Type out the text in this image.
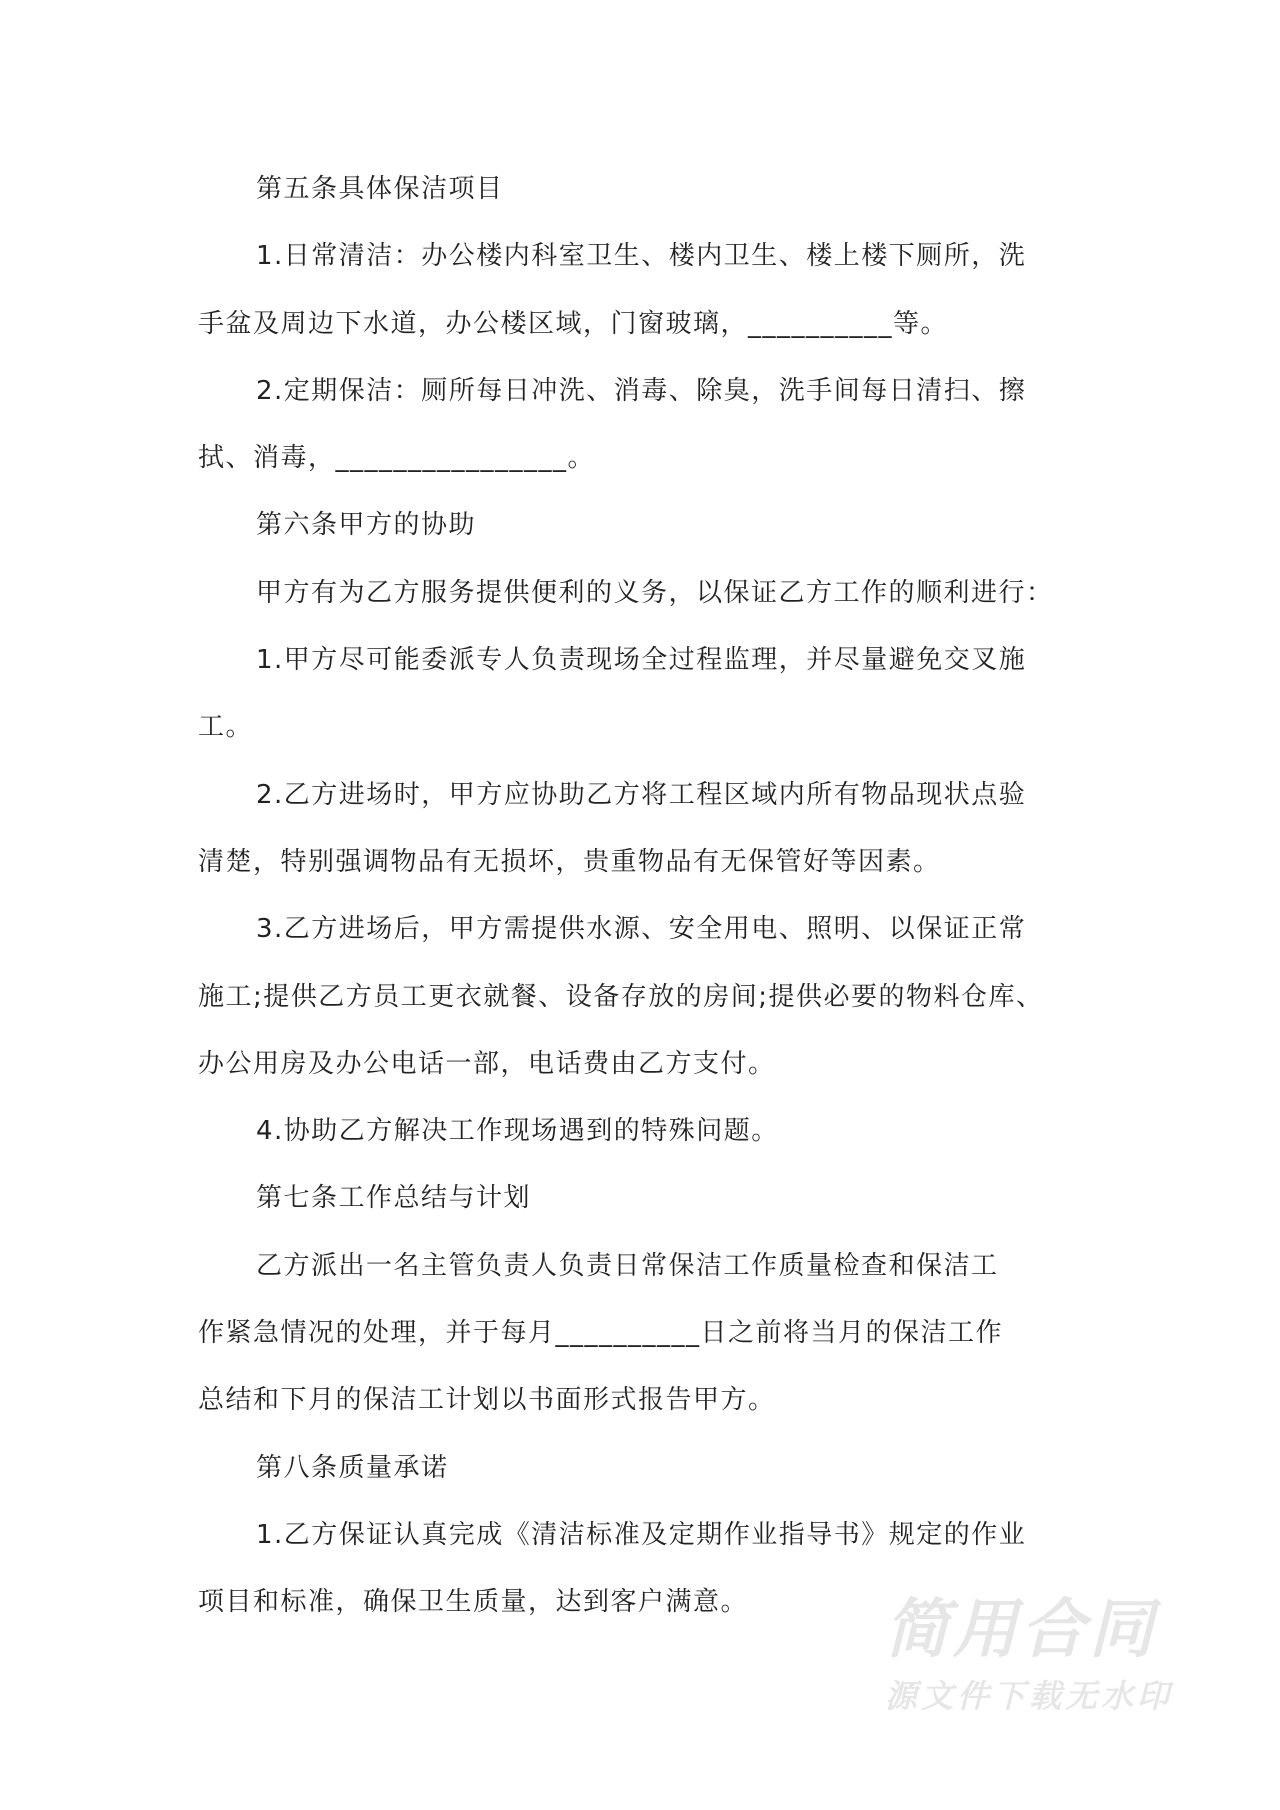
第五条具体保洁项目
1.日常清洁：办公楼内科室卫生、楼内卫生、楼上楼下厕所，洗
手盆及周边下水道，办公楼区域，门窗玻璃，__________等。
2.定期保洁：厕所每日冲洗、消毒、除臭，洗手间每日清扫、擦
拭、消毒，________________。
第六条甲方的协助
甲方有为乙方服务提供便利的义务，以保证乙方工作的顺利进行：
1.甲方尽可能委派专人负责现场全过程监理，并尽量避免交叉施
工。
2.乙方进场时，甲方应协助乙方将工程区域内所有物品现状点验
清楚，特别强调物品有无损坏，贵重物品有无保管好等因素。
3.乙方进场后，甲方需提供水源、安全用电、照明、以保证正常
施工;提供乙方员工更衣就餐、设备存放的房间;提供必要的物料仓库、
办公用房及办公电话一部，电话费由乙方支付。
4.协助乙方解决工作现场遇到的特殊问题。
第七条工作总结与计划
乙方派出一名主管负责人负责日常保洁工作质量检查和保洁工
作紧急情况的处理，并于每月__________日之前将当月的保洁工作
总结和下月的保洁工计划以书面形式报告甲方。
第八条质量承诺
1.乙方保证认真完成《清洁标准及定期作业指导书》规定的作业
项目和标准，确保卫生质量，达到客户满意。	简用合同
源文件下载无水印
